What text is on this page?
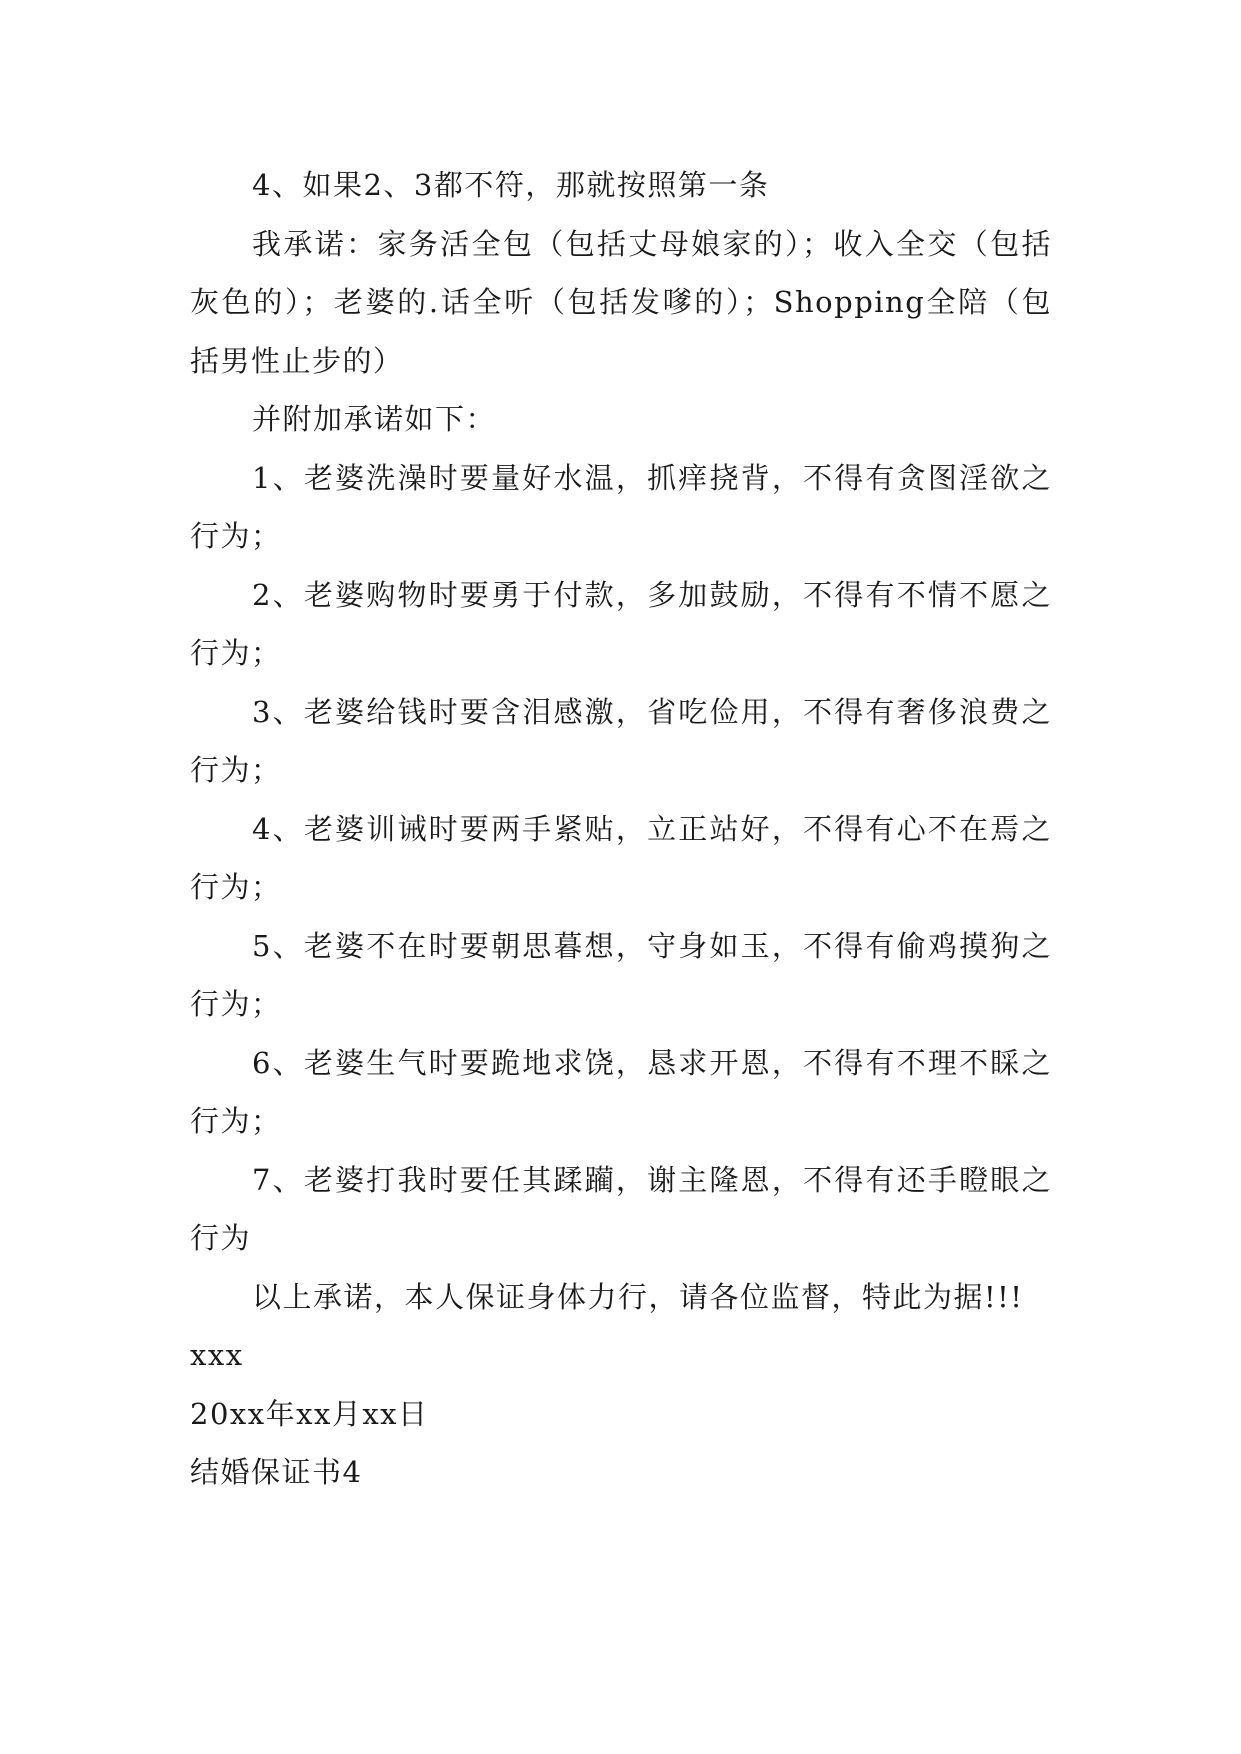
4、如果2、3都不符，那就按照第一条

我承诺：家务活全包（包括丈母娘家的）；收入全交（包括灰色的）；老婆的.话全听（包括发嗲的）；Shopping全陪（包括男性止步的）

并附加承诺如下：

1、老婆洗澡时要量好水温，抓痒挠背，不得有贪图淫欲之行为；

2、老婆购物时要勇于付款，多加鼓励，不得有不情不愿之行为；

3、老婆给钱时要含泪感激，省吃俭用，不得有奢侈浪费之行为；

4、老婆训诫时要两手紧贴，立正站好，不得有心不在焉之行为；

5、老婆不在时要朝思暮想，守身如玉，不得有偷鸡摸狗之行为；

6、老婆生气时要跪地求饶，恳求开恩，不得有不理不睬之行为；

7、老婆打我时要任其蹂躏，谢主隆恩，不得有还手瞪眼之行为

以上承诺，本人保证身体力行，请各位监督，特此为据!!!

xxx

20xx年xx月xx日

结婚保证书4
